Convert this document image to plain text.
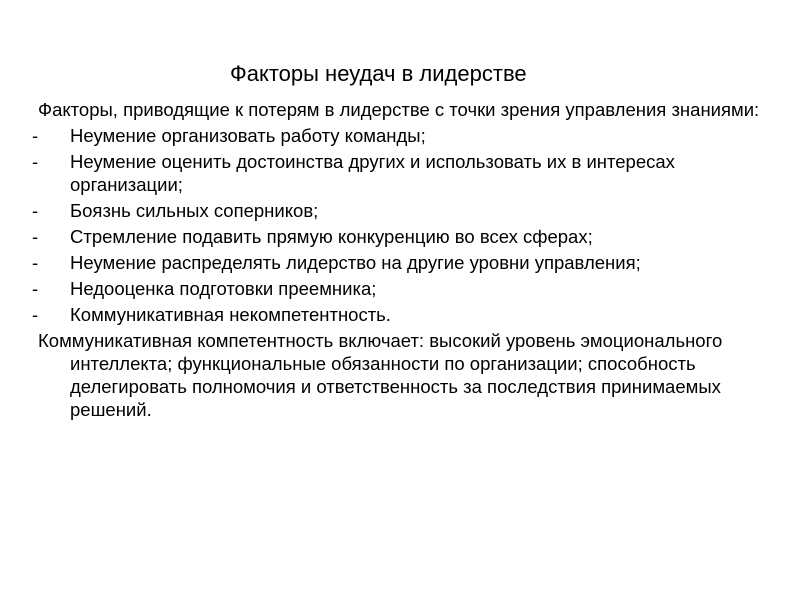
Факторы неудач в лидерстве

Факторы, приводящие к потерям в лидерстве с точки зрения управления знаниями:

- Неумение организовать работу команды;
- Неумение оценить достоинства других и использовать их в интересах организации;
- Боязнь сильных соперников;
- Стремление подавить прямую конкуренцию во всех сферах;
- Неумение распределять лидерство на другие уровни управления;
- Недооценка подготовки преемника;
- Коммуникативная некомпетентность.

Коммуникативная компетентность включает: высокий уровень эмоционального интеллекта; функциональные обязанности по организации; способность делегировать полномочия и ответственность за последствия принимаемых решений.
